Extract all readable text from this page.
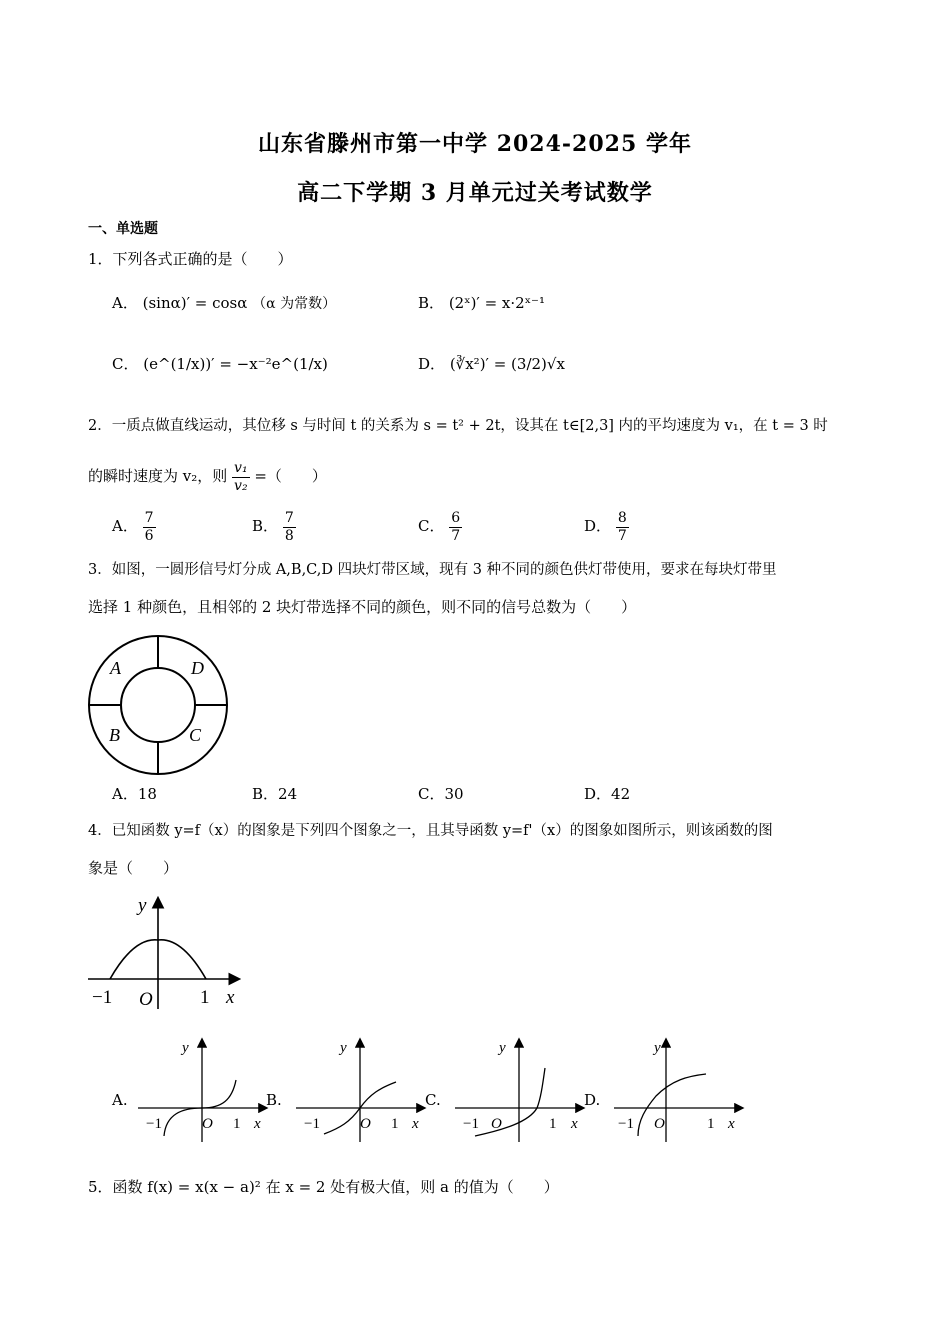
山东省滕州市第一中学 2024-2025 学年
高二下学期 3 月单元过关考试数学
一、单选题
1．下列各式正确的是（　　）
A． (sinα)′ = cosα （α 为常数）	B． (2ˣ)′ = x·2ˣ⁻¹
C． (e^(1/x))′ = −x⁻²e^(1/x)	D． (∛x²)′ = (3/2)√x
2．一质点做直线运动，其位移 s 与时间 t 的关系为 s = t² + 2t，设其在 t∈[2,3] 内的平均速度为 v₁，在 t = 3 时
的瞬时速度为 v₂，则 $\frac{\text{v₁}}{\text{v₂}}$ =（　　）
A． $\frac{7}{6}$	B． $\frac{7}{8}$	C． $\frac{6}{7}$	D． $\frac{8}{7}$
3．如图，一圆形信号灯分成 A,B,C,D 四块灯带区域，现有 3 种不同的颜色供灯带使用，要求在每块灯带里
选择 1 种颜色，且相邻的 2 块灯带选择不同的颜色，则不同的信号总数为（　　）
A	D
B	C
A．18	B．24	C．30	D．42
4．已知函数 y=f（x）的图象是下列四个图象之一，且其导函数 y=f'（x）的图象如图所示，则该函数的图
象是（　　）
y
x
O
−1	1
A.
y
x
O
−1	1
B.
y
x
O
−1	1
C.
y
x
O
−1	1
D.
y
x
O
−1	1
5．函数 f(x) = x(x − a)² 在 x = 2 处有极大值，则 a 的值为（　　）
